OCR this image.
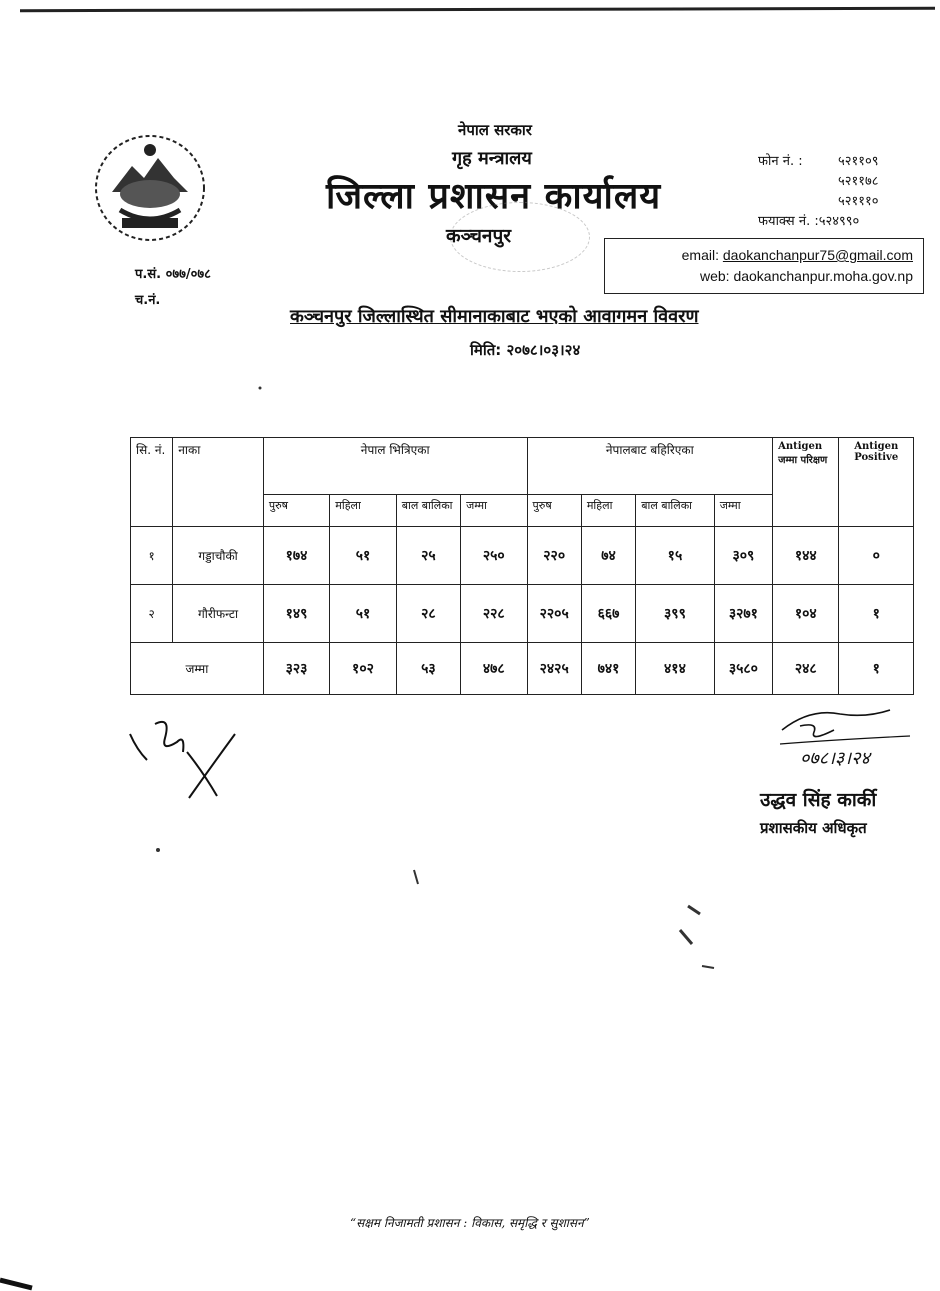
नेपाल सरकार
गृह मन्त्रालय
जिल्ला प्रशासन कार्यालय
कञ्चनपुर
फोन नं. :	५२११०९
५२११७८
५२१११०
फयाक्स नं. : ५२४९९०
email: daokanchanpur75@gmail.com
web: daokanchanpur.moha.gov.np
प.सं. ०७७/०७८
च.नं.
कञ्चनपुर जिल्लास्थित सीमानाकाबाट भएको आवागमन विवरण
मिति: २०७८।०३।२४
सि. नं.	नाका	नेपाल भित्रिएका				नेपालबाट बहिरिएका				Antigen जम्मा परिक्षण	Antigen Positive
		पुरुष	महिला	बाल बालिका	जम्मा	पुरुष	महिला	बाल बालिका	जम्मा		
१	गड्डाचौकी	१७४	५१	२५	२५०	२२०	७४	१५	३०९	१४४	०
२	गौरीफन्टा	१४९	५१	२८	२२८	२२०५	६६७	३९९	३२७१	१०४	१
जम्मा		३२३	१०२	५३	४७८	२४२५	७४१	४१४	३५८०	२४८	१
०७८।३।२४
उद्धव सिंह कार्की
प्रशासकीय अधिकृत
“सक्षम निजामती प्रशासन : विकास, समृद्धि र सुशासन”
